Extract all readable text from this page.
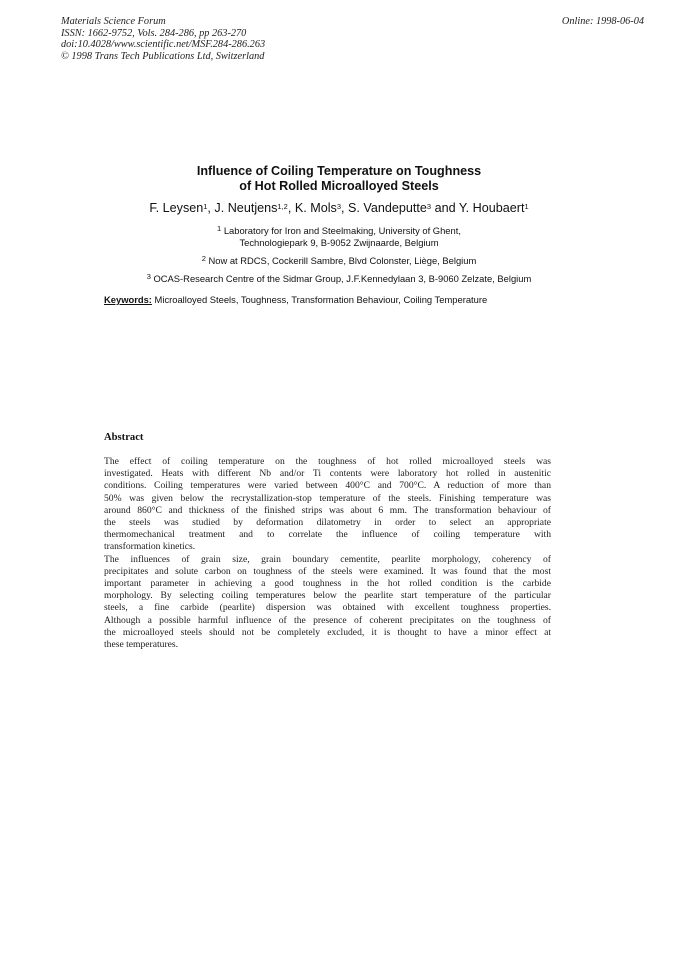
Materials Science Forum
ISSN: 1662-9752, Vols. 284-286, pp 263-270
doi:10.4028/www.scientific.net/MSF.284-286.263
© 1998 Trans Tech Publications Ltd, Switzerland
Online: 1998-06-04
Influence of Coiling Temperature on Toughness
of Hot Rolled Microalloyed Steels
F. Leysen$^1$, J. Neutjens$^{1,2}$, K. Mols$^3$, S. Vandeputte$^3$ and Y. Houbaert$^1$
$^1$ Laboratory for Iron and Steelmaking, University of Ghent,
Technologiepark 9, B-9052 Zwijnaarde, Belgium
$^2$ Now at RDCS, Cockerill Sambre, Blvd Colonster, Liège, Belgium
$^3$ OCAS-Research Centre of the Sidmar Group, J.F.Kennedylaan 3, B-9060 Zelzate, Belgium
Keywords: Microalloyed Steels, Toughness, Transformation Behaviour, Coiling Temperature
Abstract
The effect of coiling temperature on the toughness of hot rolled microalloyed steels was
investigated. Heats with different Nb and/or Ti contents were laboratory hot rolled in austenitic
conditions. Coiling temperatures were varied between 400°C and 700°C. A reduction of more than
50% was given below the recrystallization-stop temperature of the steels. Finishing temperature was
around 860°C and thickness of the finished strips was about 6 mm. The transformation behaviour of
the steels was studied by deformation dilatometry in order to select an appropriate
thermomechanical treatment and to correlate the influence of coiling temperature with
transformation kinetics.
The influences of grain size, grain boundary cementite, pearlite morphology, coherency of
precipitates and solute carbon on toughness of the steels were examined. It was found that the most
important parameter in achieving a good toughness in the hot rolled condition is the carbide
morphology. By selecting coiling temperatures below the pearlite start temperature of the particular
steels, a fine carbide (pearlite) dispersion was obtained with excellent toughness properties.
Although a possible harmful influence of the presence of coherent precipitates on the toughness of
the microalloyed steels should not be completely excluded, it is thought to have a minor effect at
these temperatures.
